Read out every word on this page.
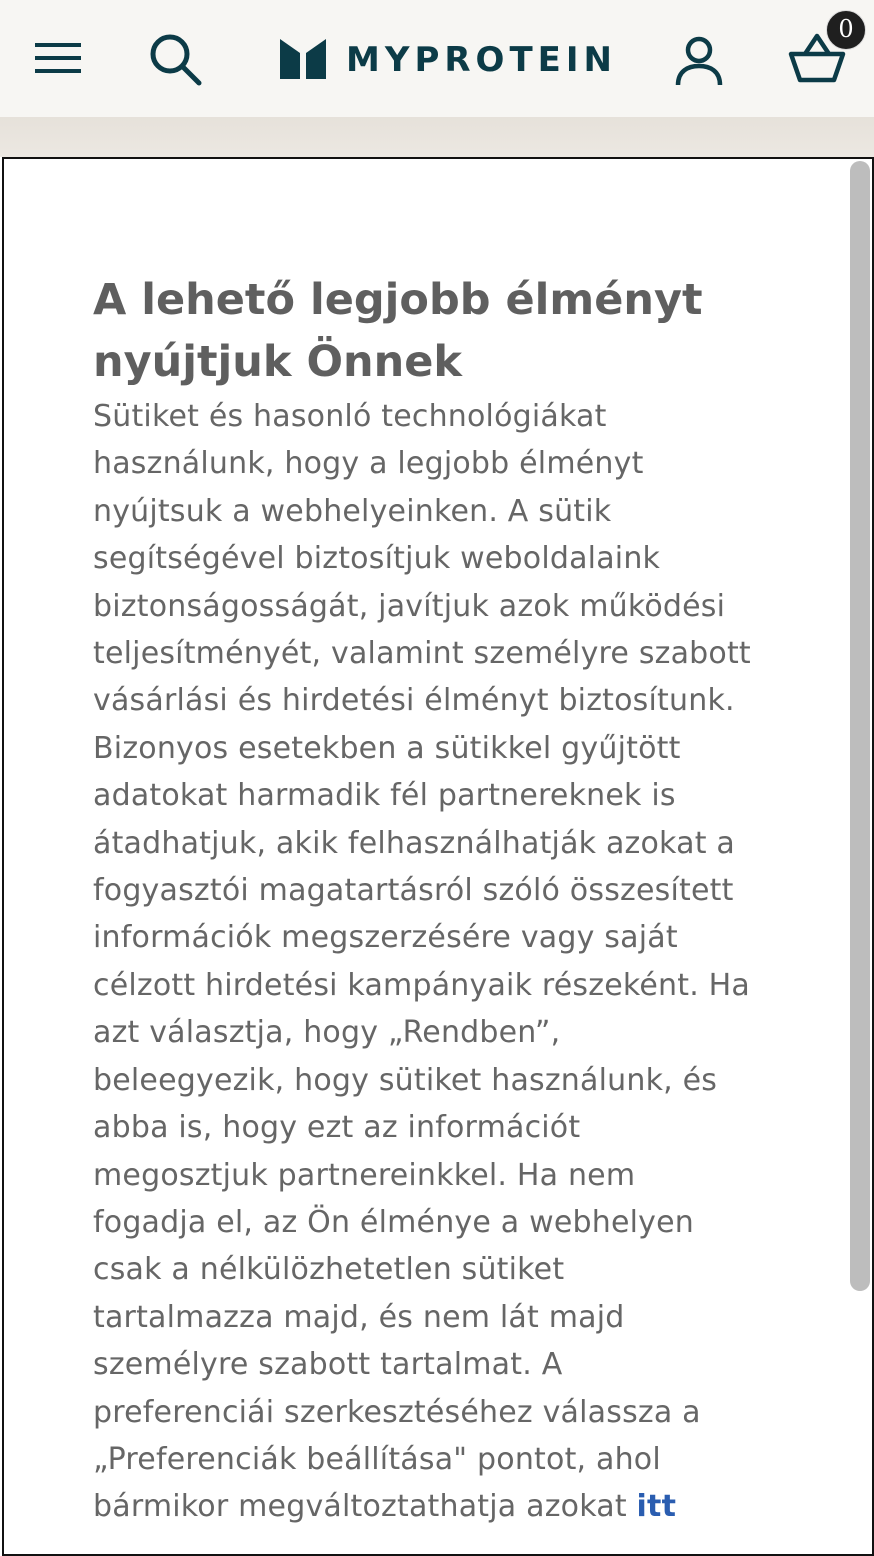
MYPROTEIN
0
A lehető legjobb élményt nyújtjuk Önnek

Sütiket és hasonló technológiákat használunk, hogy a legjobb élményt nyújtsuk a webhelyeinken. A sütik segítségével biztosítjuk weboldalaink biztonságosságát, javítjuk azok működési teljesítményét, valamint személyre szabott vásárlási és hirdetési élményt biztosítunk. Bizonyos esetekben a sütikkel gyűjtött adatokat harmadik fél partnereknek is átadhatjuk, akik felhasználhatják azokat a fogyasztói magatartásról szóló összesített információk megszerzésére vagy saját célzott hirdetési kampányaik részeként. Ha azt választja, hogy „Rendben”, beleegyezik, hogy sütiket használunk, és abba is, hogy ezt az információt megosztjuk partnereinkkel. Ha nem fogadja el, az Ön élménye a webhelyen csak a nélkülözhetetlen sütiket tartalmazza majd, és nem lát majd személyre szabott tartalmat. A preferenciái szerkesztéséhez válassza a „Preferenciák beállítása" pontot, ahol bármikor megváltoztathatja azokat itt
